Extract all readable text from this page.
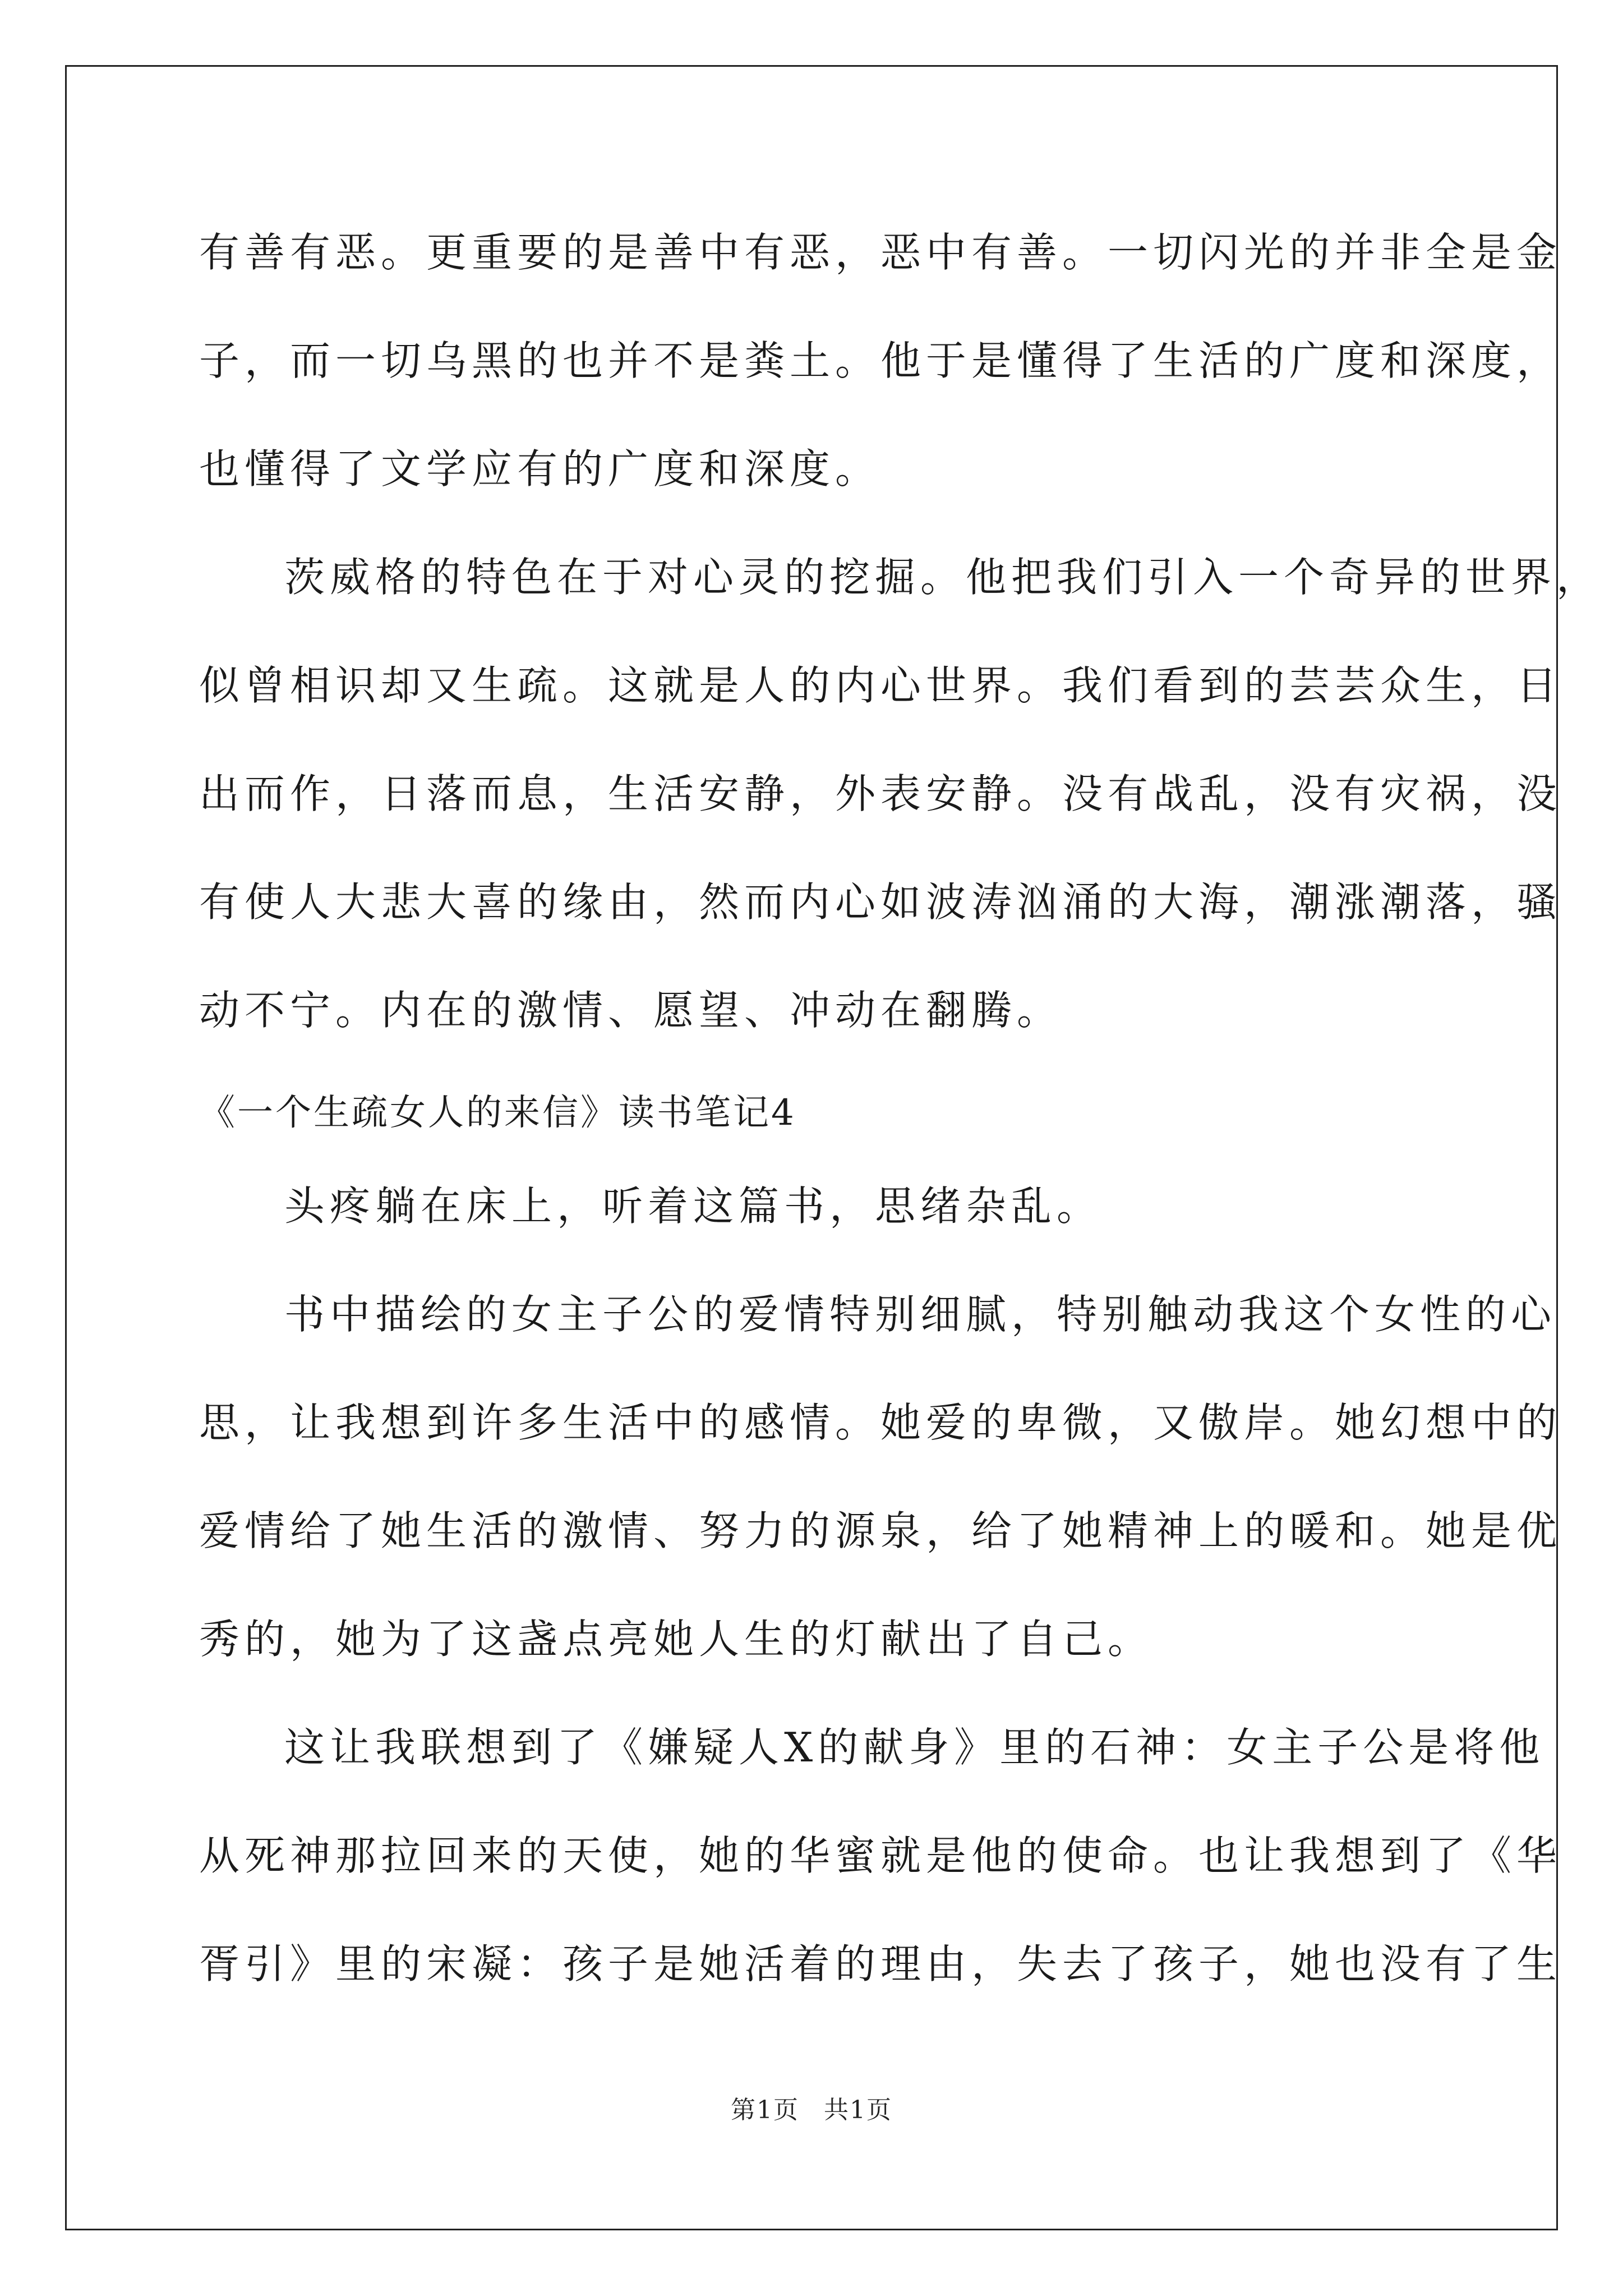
有善有恶。更重要的是善中有恶，恶中有善。一切闪光的并非全是金
子，而一切乌黑的也并不是粪土。他于是懂得了生活的广度和深度，
也懂得了文学应有的广度和深度。
茨威格的特色在于对心灵的挖掘。他把我们引入一个奇异的世界，
似曾相识却又生疏。这就是人的内心世界。我们看到的芸芸众生，日
出而作，日落而息，生活安静，外表安静。没有战乱，没有灾祸，没
有使人大悲大喜的缘由，然而内心如波涛汹涌的大海，潮涨潮落，骚
动不宁。内在的激情、愿望、冲动在翻腾。
《一个生疏女人的来信》读书笔记4
头疼躺在床上，听着这篇书，思绪杂乱。
书中描绘的女主子公的爱情特别细腻，特别触动我这个女性的心
思，让我想到许多生活中的感情。她爱的卑微，又傲岸。她幻想中的
爱情给了她生活的激情、努力的源泉，给了她精神上的暖和。她是优
秀的，她为了这盏点亮她人生的灯献出了自己。
这让我联想到了《嫌疑人X的献身》里的石神：女主子公是将他
从死神那拉回来的天使，她的华蜜就是他的使命。也让我想到了《华
胥引》里的宋凝：孩子是她活着的理由，失去了孩子，她也没有了生
第1页 共1页
